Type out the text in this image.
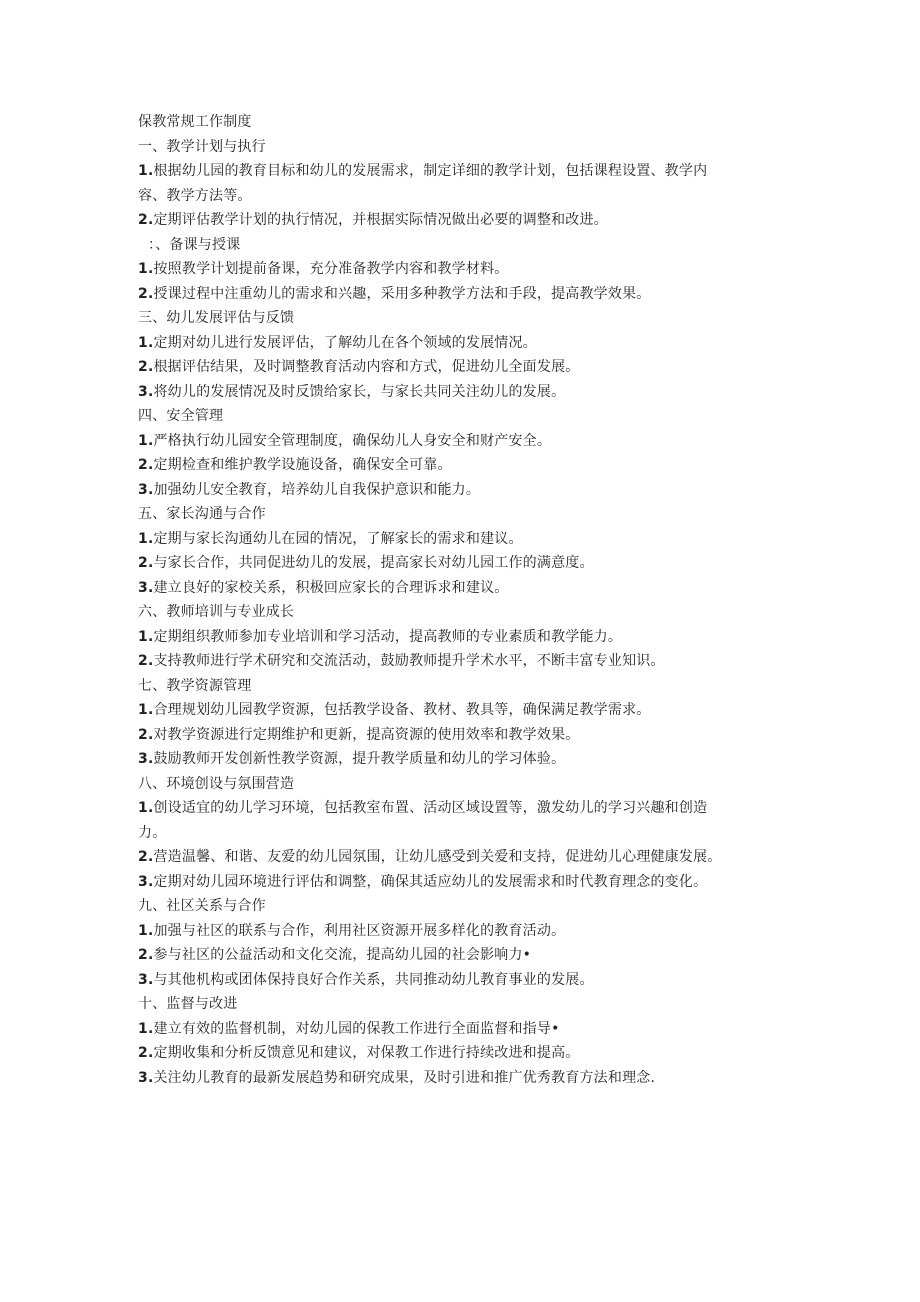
保教常规工作制度
一、教学计划与执行
1.根据幼儿园的教育目标和幼儿的发展需求，制定详细的教学计划，包括课程设置、教学内
容、教学方法等。
2.定期评估教学计划的执行情况，并根据实际情况做出必要的调整和改进。
：、备课与授课
1.按照教学计划提前备课，充分准备教学内容和教学材料。
2.授课过程中注重幼儿的需求和兴趣，采用多种教学方法和手段，提高教学效果。
三、幼儿发展评估与反馈
1.定期对幼儿进行发展评估，了解幼儿在各个领域的发展情况。
2.根据评估结果，及时调整教育活动内容和方式，促进幼儿全面发展。
3.将幼儿的发展情况及时反馈给家长，与家长共同关注幼儿的发展。
四、安全管理
1.严格执行幼儿园安全管理制度，确保幼儿人身安全和财产安全。
2.定期检查和维护教学设施设备，确保安全可靠。
3.加强幼儿安全教育，培养幼儿自我保护意识和能力。
五、家长沟通与合作
1.定期与家长沟通幼儿在园的情况，了解家长的需求和建议。
2.与家长合作，共同促进幼儿的发展，提高家长对幼儿园工作的满意度。
3.建立良好的家校关系，积极回应家长的合理诉求和建议。
六、教师培训与专业成长
1.定期组织教师参加专业培训和学习活动，提高教师的专业素质和教学能力。
2.支持教师进行学术研究和交流活动，鼓励教师提升学术水平，不断丰富专业知识。
七、教学资源管理
1.合理规划幼儿园教学资源，包括教学设备、教材、教具等，确保满足教学需求。
2.对教学资源进行定期维护和更新，提高资源的使用效率和教学效果。
3.鼓励教师开发创新性教学资源，提升教学质量和幼儿的学习体验。
八、环境创设与氛围营造
1.创设适宜的幼儿学习环境，包括教室布置、活动区域设置等，激发幼儿的学习兴趣和创造
力。
2.营造温馨、和谐、友爱的幼儿园氛围，让幼儿感受到关爱和支持，促进幼儿心理健康发展。
3.定期对幼儿园环境进行评估和调整，确保其适应幼儿的发展需求和时代教育理念的变化。
九、社区关系与合作
1.加强与社区的联系与合作，利用社区资源开展多样化的教育活动。
2.参与社区的公益活动和文化交流，提高幼儿园的社会影响力•
3.与其他机构或团体保持良好合作关系，共同推动幼儿教育事业的发展。
十、监督与改进
1.建立有效的监督机制，对幼儿园的保教工作进行全面监督和指导•
2.定期收集和分析反馈意见和建议，对保教工作进行持续改进和提高。
3.关注幼儿教育的最新发展趋势和研究成果，及时引进和推广优秀教育方法和理念.
